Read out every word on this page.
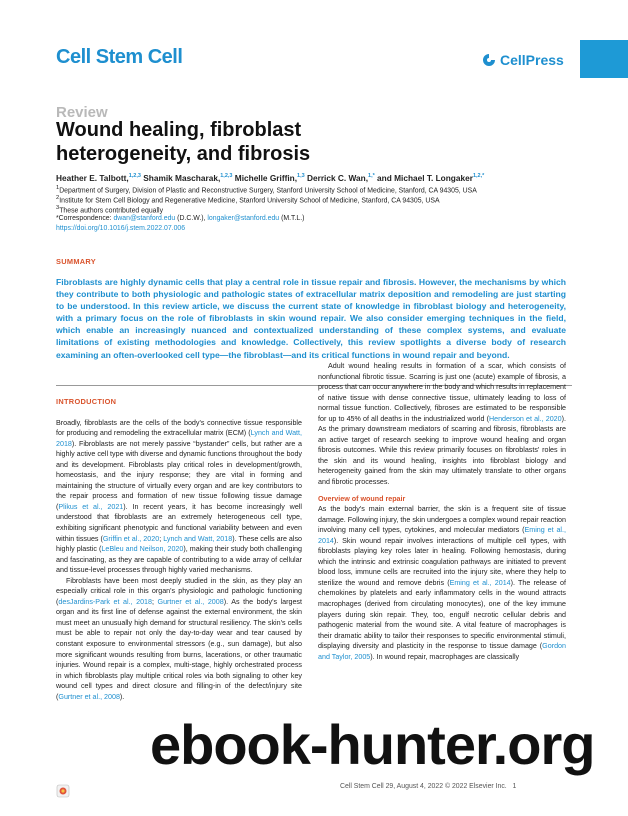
Cell Stem Cell	CellPress
Review
Wound healing, fibroblast
heterogeneity, and fibrosis
Heather E. Talbott,$^{1,2,3}$ Shamik Mascharak,$^{1,2,3}$ Michelle Griffin,$^{1,3}$ Derrick C. Wan,$^{1,*}$ and Michael T. Longaker$^{1,2,*}$
$^1$Department of Surgery, Division of Plastic and Reconstructive Surgery, Stanford University School of Medicine, Stanford, CA 94305, USA
$^2$Institute for Stem Cell Biology and Regenerative Medicine, Stanford University School of Medicine, Stanford, CA 94305, USA
$^3$These authors contributed equally
*Correspondence: dwan@stanford.edu (D.C.W.), longaker@stanford.edu (M.T.L.)
https://doi.org/10.1016/j.stem.2022.07.006
SUMMARY
Fibroblasts are highly dynamic cells that play a central role in tissue repair and fibrosis. However, the mechanisms by which they contribute to both physiologic and pathologic states of extracellular matrix deposition and remodeling are just starting to be understood. In this review article, we discuss the current state of knowledge in fibroblast biology and heterogeneity, with a primary focus on the role of fibroblasts in skin wound repair. We also consider emerging techniques in the field, which enable an increasingly nuanced and contextualized understanding of these complex systems, and evaluate limitations of existing methodologies and knowledge. Collectively, this review spotlights a diverse body of research examining an often-overlooked cell type—the fibroblast—and its critical functions in wound repair and beyond.
INTRODUCTION

Broadly, fibroblasts are the cells of the body's connective tissue responsible for producing and remodeling the extracellular matrix (ECM) (Lynch and Watt, 2018). Fibroblasts are not merely passive “bystander” cells, but rather are a highly active cell type with diverse and dynamic functions throughout the body and its development. Fibroblasts play critical roles in development/growth, homeostasis, and the injury response; they are vital in forming and maintaining the structure of virtually every organ and are key contributors to the repair process and formation of new tissue following tissue damage (Plikus et al., 2021). In recent years, it has become increasingly well understood that fibroblasts are an extremely heterogeneous cell type, exhibiting significant phenotypic and functional variability between and even within tissues (Griffin et al., 2020; Lynch and Watt, 2018). These cells are also highly plastic (LeBleu and Neilson, 2020), making their study both challenging and fascinating, as they are capable of contributing to a wide array of cellular and tissue-level processes through highly varied mechanisms.

Fibroblasts have been most deeply studied in the skin, as they play an especially critical role in this organ's physiologic and pathologic functioning (desJardins-Park et al., 2018; Gurtner et al., 2008). As the body's largest organ and its first line of defense against the external environment, the skin must meet an unusually high demand for structural resiliency. The skin's cells must be able to repair not only the day-to-day wear and tear caused by constant exposure to environmental stressors (e.g., sun damage), but also more significant wounds resulting from burns, lacerations, or other traumatic injuries. Wound repair is a complex, multi-stage, highly orchestrated process in which fibroblasts play multiple critical roles via both signaling to other key wound cell types and direct closure and filling-in of the defect/injury site (Gurtner et al., 2008).

Adult wound healing results in formation of a scar, which consists of nonfunctional fibrotic tissue. Scarring is just one (acute) example of fibrosis, a process that can occur anywhere in the body and which results in replacement of native tissue with dense connective tissue, ultimately leading to loss of normal tissue function. Collectively, fibroses are estimated to be responsible for up to 45% of all deaths in the industrialized world (Henderson et al., 2020). As the primary downstream mediators of scarring and fibrosis, fibroblasts are an active target of research seeking to improve wound healing and organ fibrosis outcomes. While this review primarily focuses on fibroblasts' roles in the skin and its wound healing, insights into fibroblast biology and heterogeneity gained from the skin may ultimately translate to other organs and fibrotic processes.

Overview of wound repair

As the body's main external barrier, the skin is a frequent site of tissue damage. Following injury, the skin undergoes a complex wound repair reaction involving many cell types, cytokines, and molecular mediators (Eming et al., 2014). Skin wound repair involves interactions of multiple cell types, with fibroblasts playing key roles later in healing. Following hemostasis, during which the intrinsic and extrinsic coagulation pathways are initiated to prevent blood loss, immune cells are recruited into the injury site, where they help to sterilize the wound and remove debris (Eming et al., 2014). The release of chemokines by platelets and early inflammatory cells in the wound attracts macrophages (derived from circulating monocytes), one of the key immune players during skin repair. They, too, engulf necrotic cellular debris and pathogenic material from the wound site. A vital feature of macrophages is their dramatic ability to tailor their responses to specific environmental stimuli, displaying diversity and plasticity in the response to tissue damage (Gordon and Taylor, 2005). In wound repair, macrophages are classically

Cell Stem Cell 29, August 4, 2022 © 2022 Elsevier Inc. 1
ebook-hunter.org
